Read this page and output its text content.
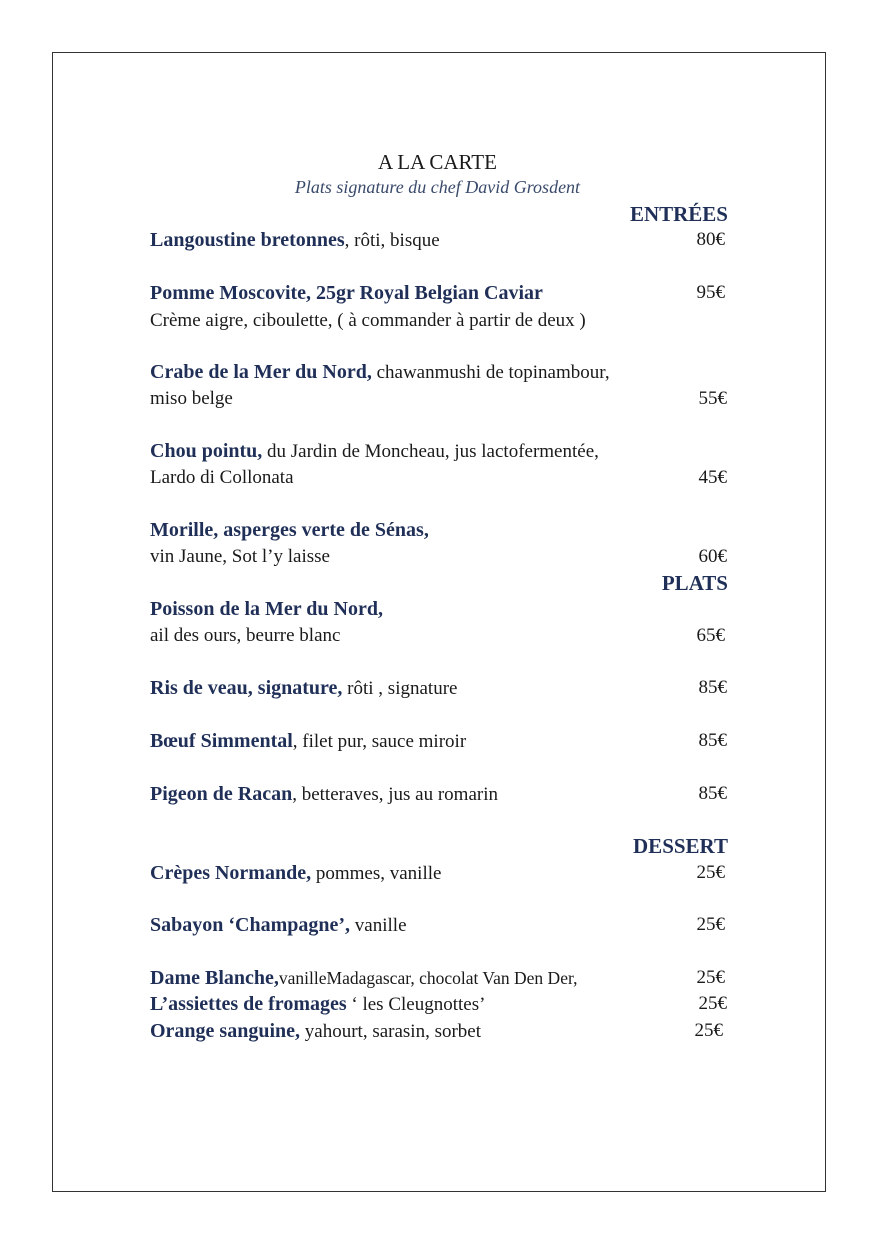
A LA CARTE
Plats signature du chef David Grosdent
ENTRÉES
Langoustine bretonnes, rôti, bisque	80€
Pomme Moscovite, 25gr Royal Belgian Caviar	95€
Crème aigre, ciboulette, ( à commander à partir de deux )
Crabe de la Mer du Nord, chawanmushi de topinambour,
miso belge	55€
Chou pointu, du Jardin de Moncheau, jus lactofermentée,
Lardo di Collonata	45€
Morille, asperges verte de Sénas,
vin Jaune, Sot l’y laisse	60€
PLATS
Poisson de la Mer du Nord,
ail des ours, beurre blanc	65€
Ris de veau, signature, rôti , signature	85€
Bœuf Simmental, filet pur, sauce miroir	85€
Pigeon de Racan, betteraves, jus au romarin	85€
DESSERT
Crèpes Normande, pommes, vanille	25€
Sabayon ‘Champagne’, vanille	25€
Dame Blanche,vanilleMadagascar, chocolat Van Den Der,	25€
L’assiettes de fromages ‘ les Cleugnottes’	25€
Orange sanguine, yahourt, sarasin, sorbet	25€
